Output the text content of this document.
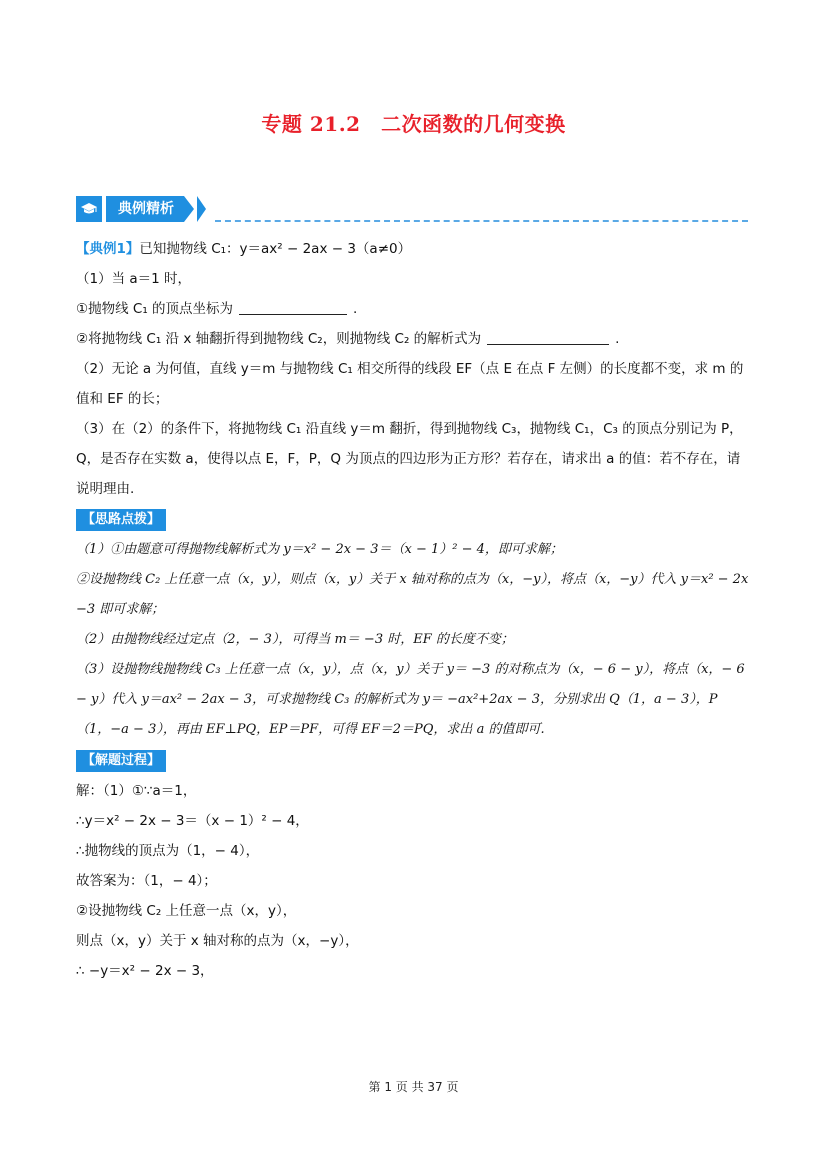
专题 21.2　二次函数的几何变换
典例精析
【典例1】已知抛物线 C₁：y＝ax² − 2ax − 3（a≠0）
（1）当 a＝1 时，
①抛物线 C₁ 的顶点坐标为	.
②将抛物线 C₁ 沿 x 轴翻折得到抛物线 C₂，则抛物线 C₂ 的解析式为	.
（2）无论 a 为何值，直线 y＝m 与抛物线 C₁ 相交所得的线段 EF（点 E 在点 F 左侧）的长度都不变，求 m 的值和 EF 的长；
（3）在（2）的条件下，将抛物线 C₁ 沿直线 y＝m 翻折，得到抛物线 C₃，抛物线 C₁，C₃ 的顶点分别记为 P，Q，是否存在实数 a，使得以点 E，F，P，Q 为顶点的四边形为正方形？若存在，请求出 a 的值：若不存在，请说明理由.
【思路点拨】
（1）①由题意可得抛物线解析式为 y＝x² − 2x − 3＝（x − 1）² − 4，即可求解；
②设抛物线 C₂ 上任意一点（x，y），则点（x，y）关于 x 轴对称的点为（x，−y），将点（x，−y）代入 y＝x² − 2x −3 即可求解；
（2）由抛物线经过定点（2，− 3），可得当 m＝ −3 时，EF 的长度不变；
（3）设抛物线抛物线 C₃ 上任意一点（x，y），点（x，y）关于 y＝ −3 的对称点为（x，− 6 − y），将点（x，− 6 − y）代入 y＝ax² − 2ax − 3，可求抛物线 C₃ 的解析式为 y＝ −ax²+2ax − 3，分别求出 Q（1，a − 3），P（1，−a − 3），再由 EF⊥PQ，EP＝PF，可得 EF＝2＝PQ，求出 a 的值即可.
【解题过程】
解：（1）①∵a＝1，
∴y＝x² − 2x − 3＝（x − 1）² − 4，
∴抛物线的顶点为（1，− 4），
故答案为：（1，− 4）；
②设抛物线 C₂ 上任意一点（x，y），
则点（x，y）关于 x 轴对称的点为（x，−y），
∴ −y＝x² − 2x − 3，
第 1 页 共 37 页
